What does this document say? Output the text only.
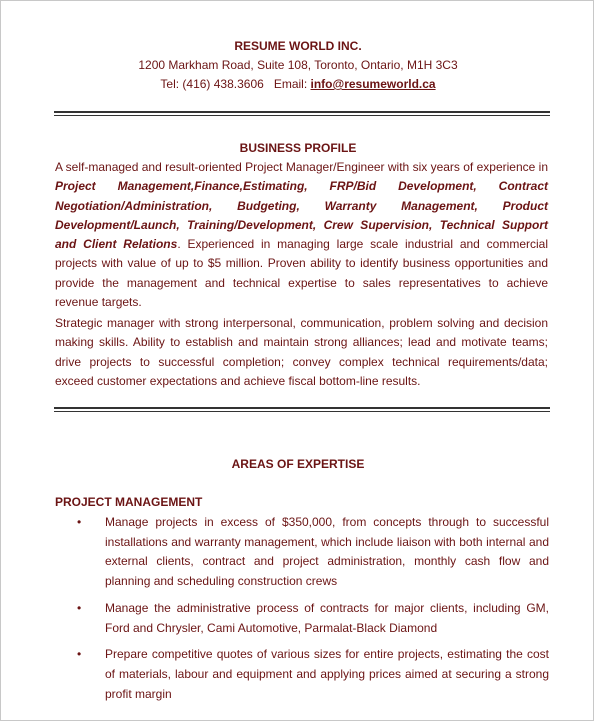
RESUME WORLD INC.
1200 Markham Road, Suite 108, Toronto, Ontario, M1H 3C3
Tel: (416) 438.3606 Email: info@resumeworld.ca
BUSINESS PROFILE
A self-managed and result-oriented Project Manager/Engineer with six years of experience in Project Management,Finance,Estimating, FRP/Bid Development, Contract Negotiation/Administration, Budgeting, Warranty Management, Product Development/Launch, Training/Development, Crew Supervision, Technical Support and Client Relations. Experienced in managing large scale industrial and commercial projects with value of up to $5 million. Proven ability to identify business opportunities and provide the management and technical expertise to sales representatives to achieve revenue targets.
Strategic manager with strong interpersonal, communication, problem solving and decision making skills. Ability to establish and maintain strong alliances; lead and motivate teams; drive projects to successful completion; convey complex technical requirements/data; exceed customer expectations and achieve fiscal bottom-line results.
AREAS OF EXPERTISE
PROJECT MANAGEMENT
• Manage projects in excess of $350,000, from concepts through to successful installations and warranty management, which include liaison with both internal and external clients, contract and project administration, monthly cash flow and planning and scheduling construction crews
• Manage the administrative process of contracts for major clients, including GM, Ford and Chrysler, Cami Automotive, Parmalat-Black Diamond
• Prepare competitive quotes of various sizes for entire projects, estimating the cost of materials, labour and equipment and applying prices aimed at securing a strong profit margin
